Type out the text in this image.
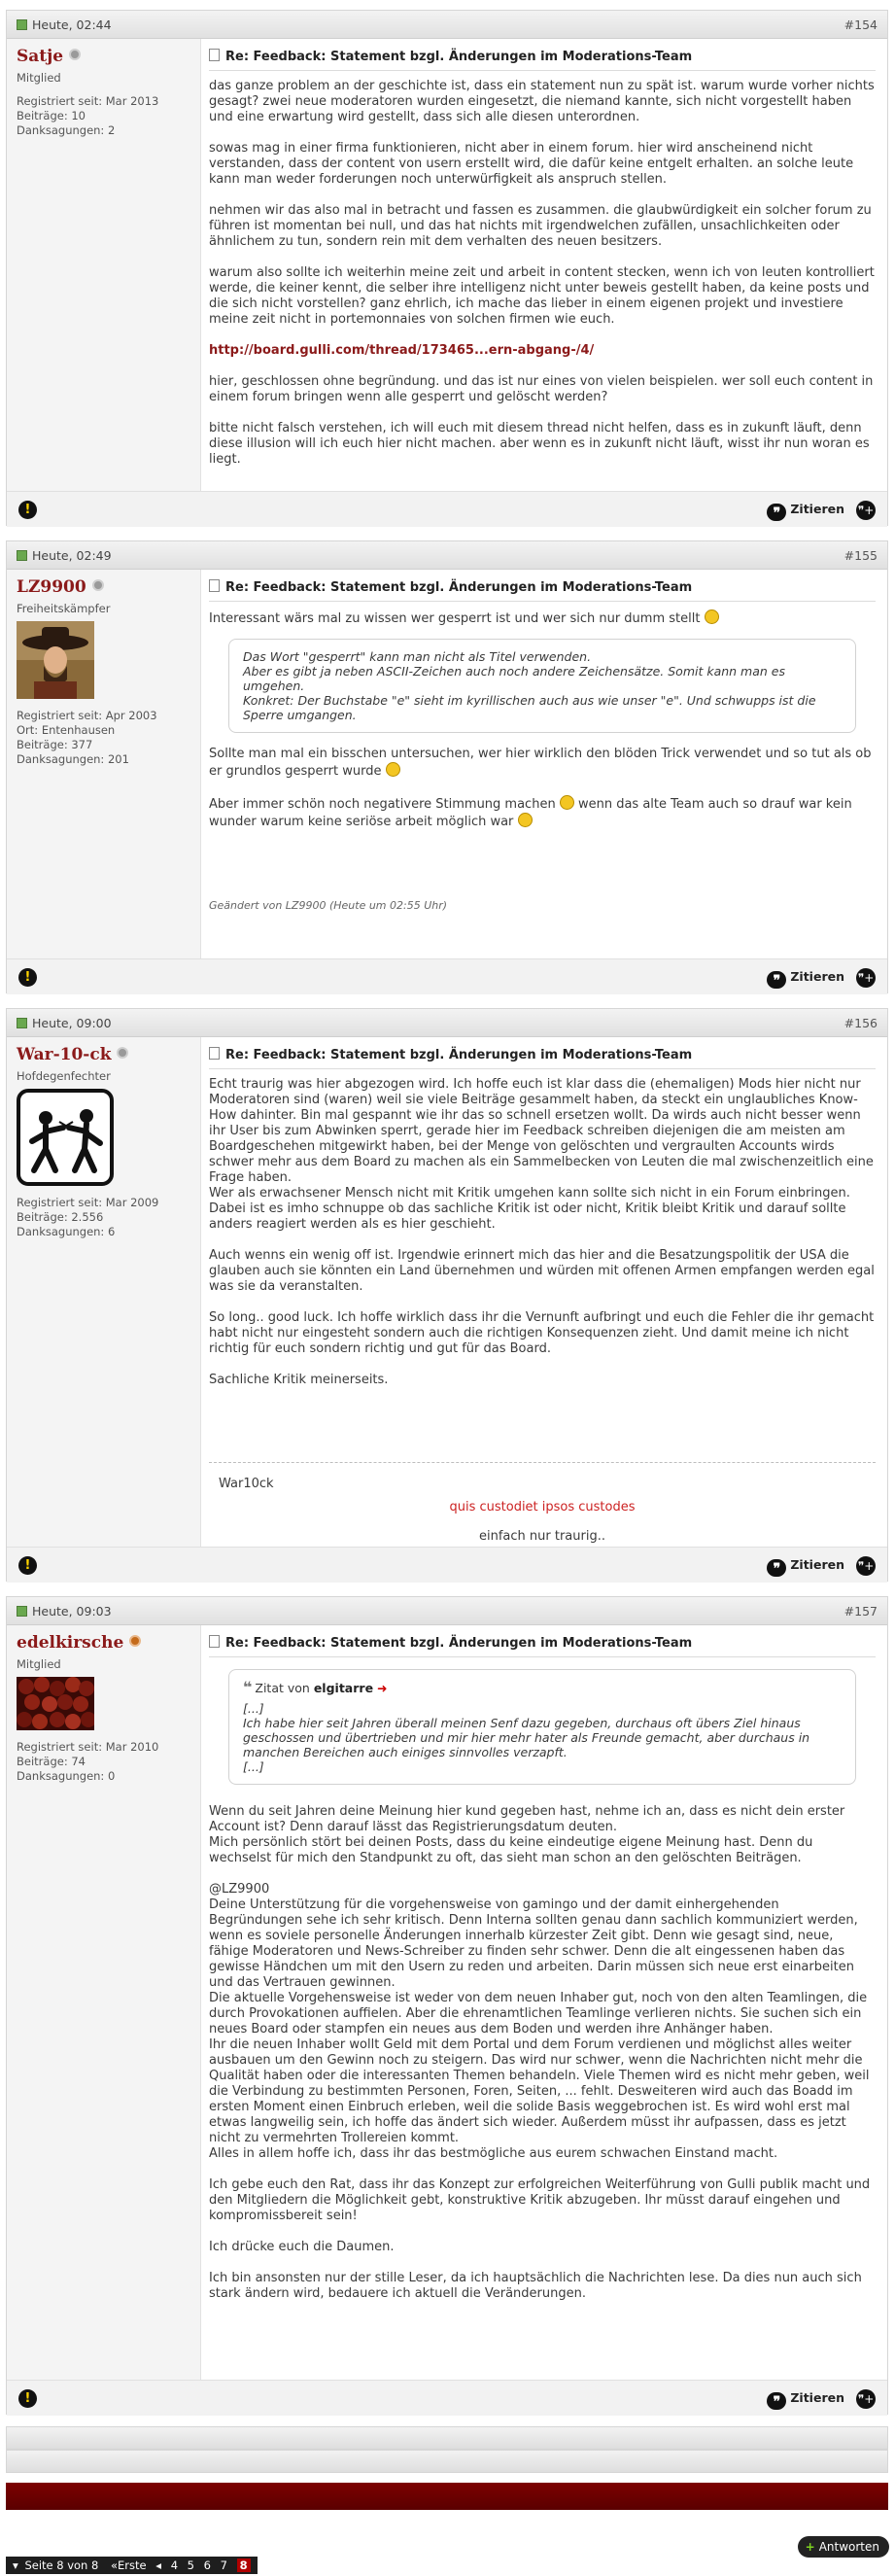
Heute, 02:44	#154
Satje
Mitglied
Registriert seit: Mar 2013
Beiträge: 10
Danksagungen: 2
Re: Feedback: Statement bzgl. Änderungen im Moderations-Team

das ganze problem an der geschichte ist, dass ein statement nun zu spät ist. warum wurde vorher nichts gesagt? zwei neue moderatoren wurden eingesetzt, die niemand kannte, sich nicht vorgestellt haben und eine erwartung wird gestellt, dass sich alle diesen unterordnen.

sowas mag in einer firma funktionieren, nicht aber in einem forum. hier wird anscheinend nicht verstanden, dass der content von usern erstellt wird, die dafür keine entgelt erhalten. an solche leute kann man weder forderungen noch unterwürfigkeit als anspruch stellen.

nehmen wir das also mal in betracht und fassen es zusammen. die glaubwürdigkeit ein solcher forum zu führen ist momentan bei null, und das hat nichts mit irgendwelchen zufällen, unsachlichkeiten oder ähnlichem zu tun, sondern rein mit dem verhalten des neuen besitzers.

warum also sollte ich weiterhin meine zeit und arbeit in content stecken, wenn ich von leuten kontrolliert werde, die keiner kennt, die selber ihre intelligenz nicht unter beweis gestellt haben, da keine posts und die sich nicht vorstellen? ganz ehrlich, ich mache das lieber in einem eigenen projekt und investiere meine zeit nicht in portemonnaies von solchen firmen wie euch.

http://board.gulli.com/thread/173465...ern-abgang-/4/

hier, geschlossen ohne begründung. und das ist nur eines von vielen beispielen. wer soll euch content in einem forum bringen wenn alle gesperrt und gelöscht werden?

bitte nicht falsch verstehen, ich will euch mit diesem thread nicht helfen, dass es in zukunft läuft, denn diese illusion will ich euch hier nicht machen. aber wenn es in zukunft nicht läuft, wisst ihr nun woran es liegt.

!	❞ Zitieren ❞+
Heute, 02:49	#155
LZ9900
Freiheitskämpfer
Registriert seit: Apr 2003
Ort: Entenhausen
Beiträge: 377
Danksagungen: 201
Re: Feedback: Statement bzgl. Änderungen im Moderations-Team
Interessant wärs mal zu wissen wer gesperrt ist und wer sich nur dumm stellt
Das Wort "gesperrt" kann man nicht als Titel verwenden.
Aber es gibt ja neben ASCII-Zeichen auch noch andere Zeichensätze. Somit kann man es umgehen.
Konkret: Der Buchstabe "e" sieht im kyrillischen auch aus wie unser "e". Und schwupps ist die Sperre umgangen.

Sollte man mal ein bisschen untersuchen, wer hier wirklich den blöden Trick verwendet und so tut als ob er grundlos gesperrt wurde

Aber immer schön noch negativere Stimmung machen wenn das alte Team auch so drauf war kein wunder warum keine seriöse arbeit möglich war

Geändert von LZ9900 (Heute um 02:55 Uhr)
!	❞ Zitieren ❞+
Heute, 09:00	#156
War-10-ck
Hofdegenfechter
Registriert seit: Mar 2009
Beiträge: 2.556
Danksagungen: 6
Re: Feedback: Statement bzgl. Änderungen im Moderations-Team
Echt traurig was hier abgezogen wird. Ich hoffe euch ist klar dass die (ehemaligen) Mods hier nicht nur Moderatoren sind (waren) weil sie viele Beiträge gesammelt haben, da steckt ein unglaubliches Know-How dahinter. Bin mal gespannt wie ihr das so schnell ersetzen wollt. Da wirds auch nicht besser wenn ihr User bis zum Abwinken sperrt, gerade hier im Feedback schreiben diejenigen die am meisten am Boardgeschehen mitgewirkt haben, bei der Menge von gelöschten und vergraulten Accounts wirds schwer mehr aus dem Board zu machen als ein Sammelbecken von Leuten die mal zwischenzeitlich eine Frage haben.

Wer als erwachsener Mensch nicht mit Kritik umgehen kann sollte sich nicht in ein Forum einbringen. Dabei ist es imho schnuppe ob das sachliche Kritik ist oder nicht, Kritik bleibt Kritik und darauf sollte anders reagiert werden als es hier geschieht.

Auch wenns ein wenig off ist. Irgendwie erinnert mich das hier and die Besatzungspolitik der USA die glauben auch sie könnten ein Land übernehmen und würden mit offenen Armen empfangen werden egal was sie da veranstalten.

So long.. good luck. Ich hoffe wirklich dass ihr die Vernunft aufbringt und euch die Fehler die ihr gemacht habt nicht nur eingesteht sondern auch die richtigen Konsequenzen zieht. Und damit meine ich nicht richtig für euch sondern richtig und gut für das Board.

Sachliche Kritik meinerseits.

War10ck
quis custodiet ipsos custodes
einfach nur traurig..
!	❞ Zitieren ❞+
Heute, 09:03	#157
edelkirsche
Mitglied
Registriert seit: Mar 2010
Beiträge: 74
Danksagungen: 0
Re: Feedback: Statement bzgl. Änderungen im Moderations-Team
❝ Zitat von elgitarre ➜
[...]
Ich habe hier seit Jahren überall meinen Senf dazu gegeben, durchaus oft übers Ziel hinaus geschossen und übertrieben und mir hier mehr hater als Freunde gemacht, aber durchaus in manchen Bereichen auch einiges sinnvolles verzapft.
[...]
Wenn du seit Jahren deine Meinung hier kund gegeben hast, nehme ich an, dass es nicht dein erster Account ist? Denn darauf lässt das Registrierungsdatum deuten.

Mich persönlich stört bei deinen Posts, dass du keine eindeutige eigene Meinung hast. Denn du wechselst für mich den Standpunkt zu oft, das sieht man schon an den gelöschten Beiträgen.

@LZ9900
Deine Unterstützung für die vorgehensweise von gamingo und der damit einhergehenden Begründungen sehe ich sehr kritisch. Denn Interna sollten genau dann sachlich kommuniziert werden, wenn es soviele personelle Änderungen innerhalb kürzester Zeit gibt. Denn wie gesagt sind, neue, fähige Moderatoren und News-Schreiber zu finden sehr schwer. Denn die alt eingessenen haben das gewisse Händchen um mit den Usern zu reden und arbeiten. Darin müssen sich neue erst einarbeiten und das Vertrauen gewinnen.
Die aktuelle Vorgehensweise ist weder von dem neuen Inhaber gut, noch von den alten Teamlingen, die durch Provokationen auffielen. Aber die ehrenamtlichen Teamlinge verlieren nichts. Sie suchen sich ein neues Board oder stampfen ein neues aus dem Boden und werden ihre Anhänger haben.
Ihr die neuen Inhaber wollt Geld mit dem Portal und dem Forum verdienen und möglichst alles weiter ausbauen um den Gewinn noch zu steigern. Das wird nur schwer, wenn die Nachrichten nicht mehr die Qualität haben oder die interessanten Themen behandeln. Viele Themen wird es nicht mehr geben, weil die Verbindung zu bestimmten Personen, Foren, Seiten, ... fehlt. Desweiteren wird auch das Boadd im ersten Moment einen Einbruch erleben, weil die solide Basis weggebrochen ist. Es wird wohl erst mal etwas langweilig sein, ich hoffe das ändert sich wieder. Außerdem müsst ihr aufpassen, dass es jetzt nicht zu vermehrten Trollereien kommt.

Alles in allem hoffe ich, dass ihr das bestmögliche aus eurem schwachen Einstand macht.

Ich gebe euch den Rat, dass ihr das Konzept zur erfolgreichen Weiterführung von Gulli publik macht und den Mitgliedern die Möglichkeit gebt, konstruktive Kritik abzugeben. Ihr müsst darauf eingehen und kompromissbereit sein!

Ich drücke euch die Daumen.

Ich bin ansonsten nur der stille Leser, da ich hauptsächlich die Nachrichten lese. Da dies nun auch sich stark ändern wird, bedauere ich aktuell die Veränderungen.

!	❞ Zitieren ❞+
+ Antworten
▾ Seite 8 von 8 «Erste ◂ 4 5 6 7 8
